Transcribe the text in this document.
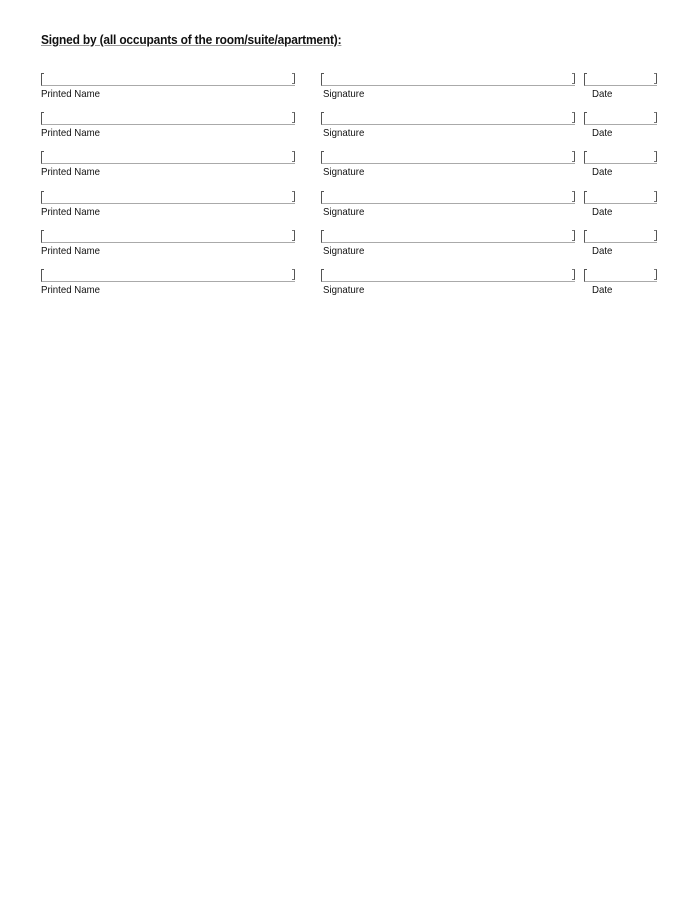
Signed by (all occupants of the room/suite/apartment):
Printed Name	Signature	Date
Printed Name	Signature	Date
Printed Name	Signature	Date
Printed Name	Signature	Date
Printed Name	Signature	Date
Printed Name	Signature	Date
